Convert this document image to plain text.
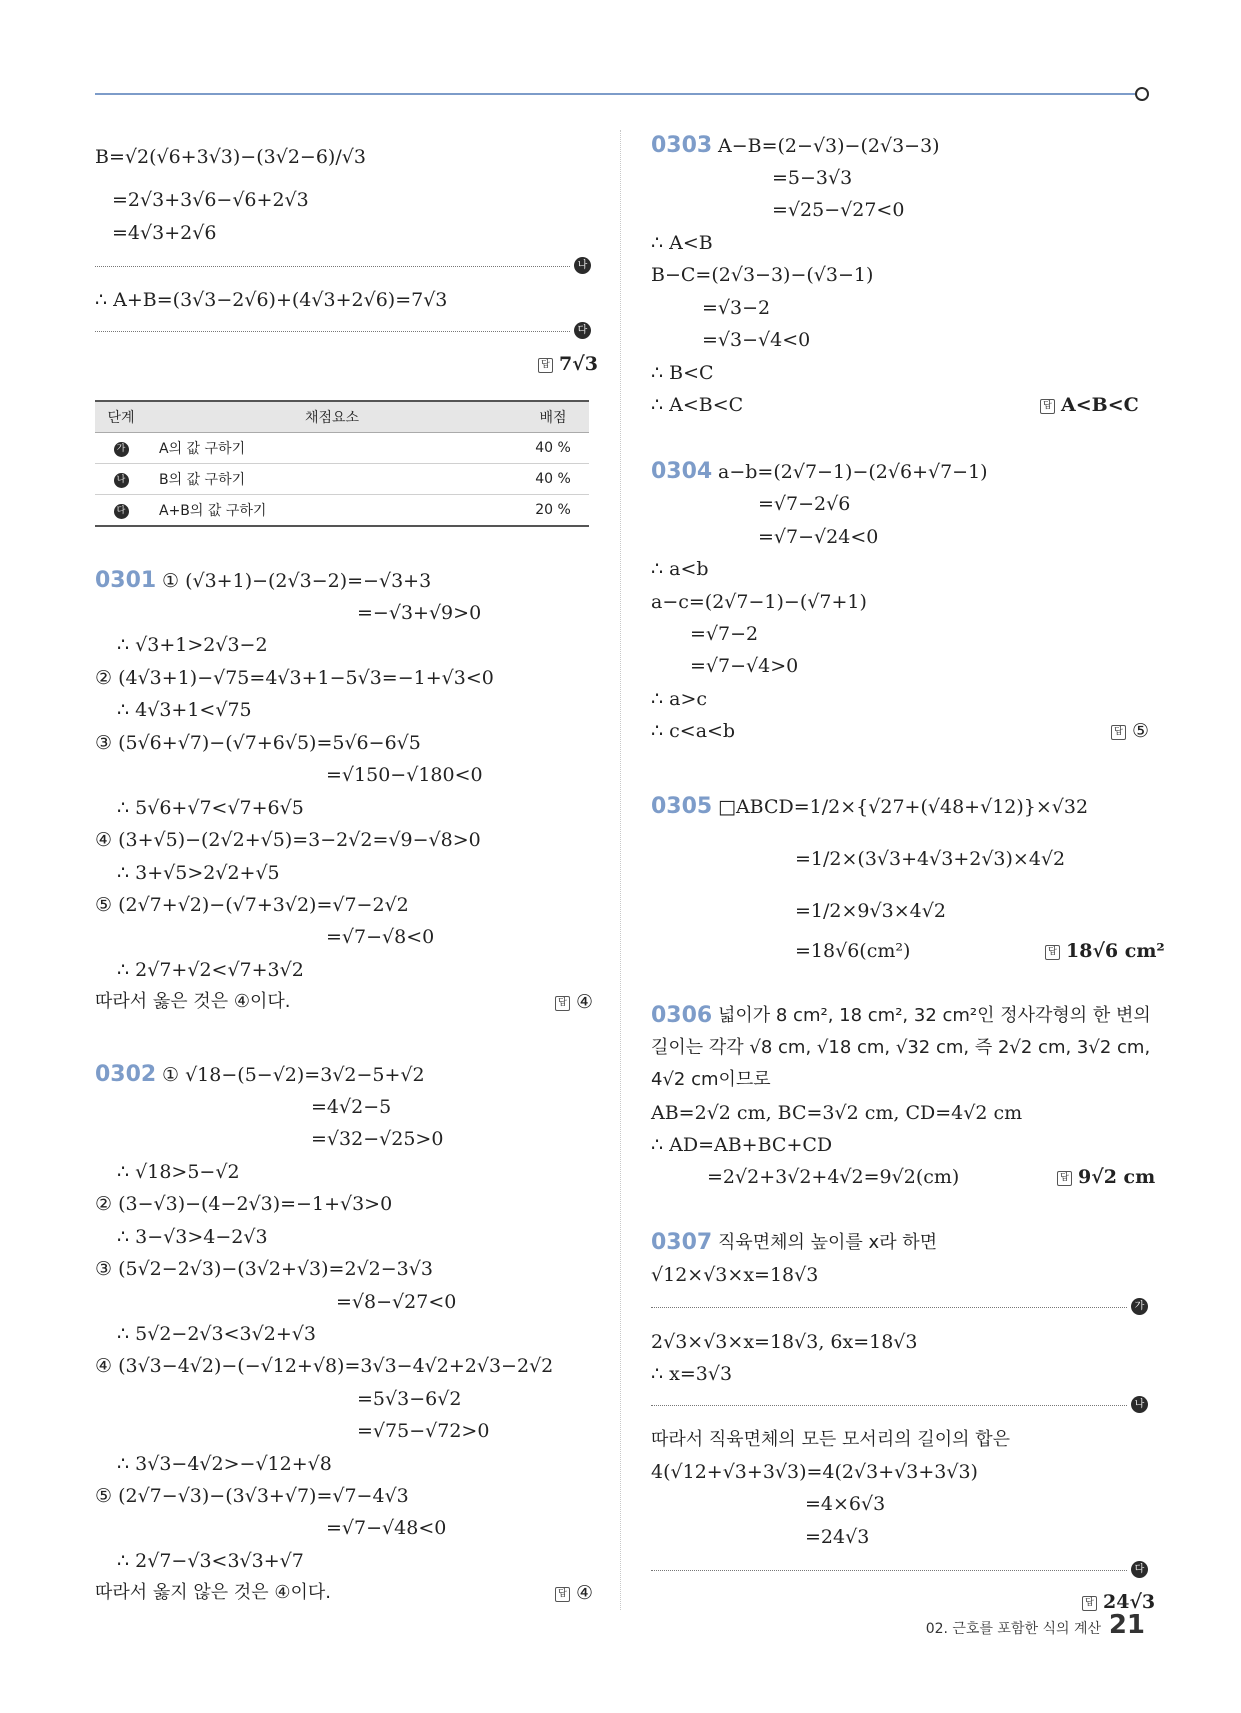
B=√2(√6+3√3)−(3√2−6)/√3
=2√3+3√6−√6+2√3
=4√3+2√6
나
∴ A+B=(3√3−2√6)+(4√3+2√6)=7√3
다
답 7√3
단계	채점요소	배점
가	A의 값 구하기	40 %
나	B의 값 구하기	40 %
다	A+B의 값 구하기	20 %
0301 ① (√3+1)−(2√3−2)=−√3+3
=−√3+√9>0
∴ √3+1>2√3−2
② (4√3+1)−√75=4√3+1−5√3=−1+√3<0
∴ 4√3+1<√75
③ (5√6+√7)−(√7+6√5)=5√6−6√5
=√150−√180<0
∴ 5√6+√7<√7+6√5
④ (3+√5)−(2√2+√5)=3−2√2=√9−√8>0
∴ 3+√5>2√2+√5
⑤ (2√7+√2)−(√7+3√2)=√7−2√2
=√7−√8<0
∴ 2√7+√2<√7+3√2
따라서 옳은 것은 ④이다.	답 ④
0302 ① √18−(5−√2)=3√2−5+√2
=4√2−5
=√32−√25>0
∴ √18>5−√2
② (3−√3)−(4−2√3)=−1+√3>0
∴ 3−√3>4−2√3
③ (5√2−2√3)−(3√2+√3)=2√2−3√3
=√8−√27<0
∴ 5√2−2√3<3√2+√3
④ (3√3−4√2)−(−√12+√8)=3√3−4√2+2√3−2√2
=5√3−6√2
=√75−√72>0
∴ 3√3−4√2>−√12+√8
⑤ (2√7−√3)−(3√3+√7)=√7−4√3
=√7−√48<0
∴ 2√7−√3<3√3+√7
따라서 옳지 않은 것은 ④이다.	답 ④
0303 A−B=(2−√3)−(2√3−3)
=5−3√3
=√25−√27<0
∴ A<B
B−C=(2√3−3)−(√3−1)
=√3−2
=√3−√4<0
∴ B<C
∴ A<B<C	답 A<B<C
0304 a−b=(2√7−1)−(2√6+√7−1)
=√7−2√6
=√7−√24<0
∴ a<b
a−c=(2√7−1)−(√7+1)
=√7−2
=√7−√4>0
∴ a>c
∴ c<a<b	답 ⑤
0305 □ABCD=1/2×{√27+(√48+√12)}×√32
=1/2×(3√3+4√3+2√3)×4√2
=1/2×9√3×4√2
=18√6(cm²)	답 18√6 cm²
0306 넓이가 8 cm², 18 cm², 32 cm²인 정사각형의 한 변의
길이는 각각 √8 cm, √18 cm, √32 cm, 즉 2√2 cm, 3√2 cm,
4√2 cm이므로
AB=2√2 cm, BC=3√2 cm, CD=4√2 cm
∴ AD=AB+BC+CD
=2√2+3√2+4√2=9√2(cm)	답 9√2 cm
0307 직육면체의 높이를 x라 하면
√12×√3×x=18√3
가
2√3×√3×x=18√3, 6x=18√3
∴ x=3√3
나
따라서 직육면체의 모든 모서리의 길이의 합은
4(√12+√3+3√3)=4(2√3+√3+3√3)
=4×6√3
=24√3
다
답 24√3
02. 근호를 포함한 식의 계산 21
